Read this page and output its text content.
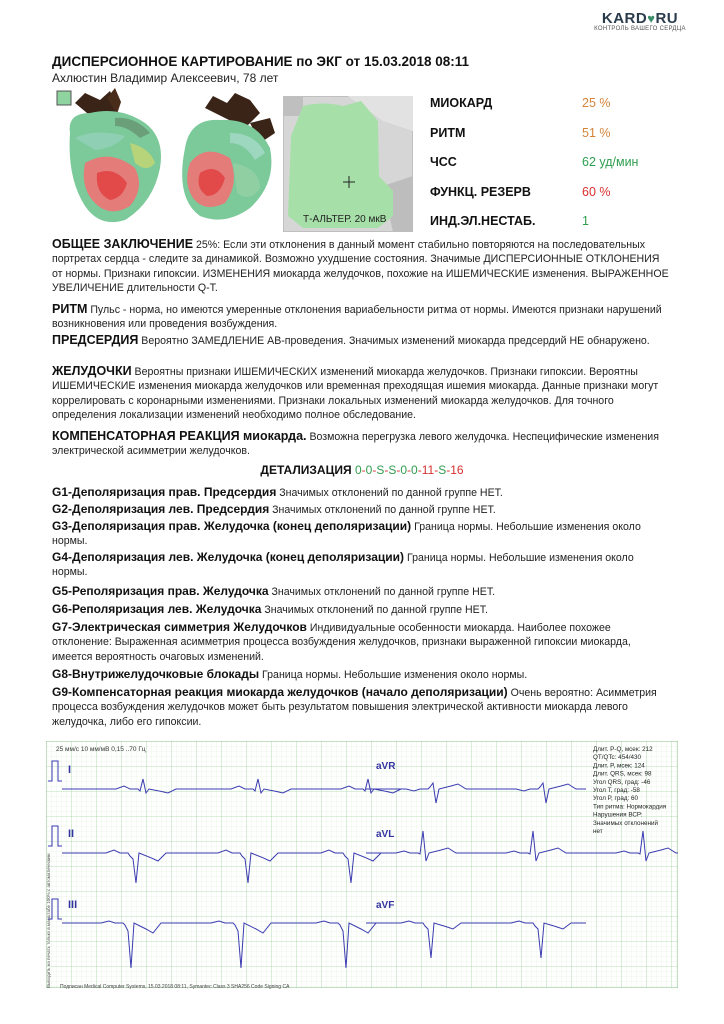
KARD♥RU
КОНТРОЛЬ ВАШЕГО СЕРДЦА
ДИСПЕРСИОННОЕ КАРТИРОВАНИЕ по ЭКГ от 15.03.2018 08:11
Ахлюстин Владимир Алексеевич, 78 лет
Т-АЛЬТЕР. 20 мкВ
МИОКАРД	25 %
РИТМ	51 %
ЧСС	62 уд/мин
ФУНКЦ. РЕЗЕРВ	60 %
ИНД.ЭЛ.НЕСТАБ.	1
ОБЩЕЕ ЗАКЛЮЧЕНИЕ 25%: Если эти отклонения в данный момент стабильно повторяются на последовательных портретах сердца - следите за динамикой. Возможно ухудшение состояния. Значимые ДИСПЕРСИОННЫЕ ОТКЛОНЕНИЯ от нормы. Признаки гипоксии. ИЗМЕНЕНИЯ миокарда желудочков, похожие на ИШЕМИЧЕСКИЕ изменения. ВЫРАЖЕННОЕ УВЕЛИЧЕНИЕ длительности Q-T.
РИТМ Пульс - норма, но имеются умеренные отклонения вариабельности ритма от нормы. Имеются признаки нарушений возникновения или проведения возбуждения.
ПРЕДСЕРДИЯ Вероятно ЗАМЕДЛЕНИЕ АВ-проведения. Значимых изменений миокарда предсердий НЕ обнаружено.
ЖЕЛУДОЧКИ Вероятны признаки ИШЕМИЧЕСКИХ изменений миокарда желудочков. Признаки гипоксии. Вероятны ИШЕМИЧЕСКИЕ изменения миокарда желудочков или временная преходящая ишемия миокарда. Данные признаки могут коррелировать с коронарными изменениями. Признаки локальных изменений миокарда желудочков. Для точного определения локализации изменений необходимо полное обследование.
КОМПЕНСАТОРНАЯ РЕАКЦИЯ миокарда. Возможна перегрузка левого желудочка. Неспецифические изменения электрической асимметрии желудочков.
ДЕТАЛИЗАЦИЯ 0-0-S-S-0-0-11-S-16
G1-Деполяризация прав. Предсердия Значимых отклонений по данной группе НЕТ.
G2-Деполяризация лев. Предсердия Значимых отклонений по данной группе НЕТ.
G3-Деполяризация прав. Желудочка (конец деполяризации) Граница нормы. Небольшие изменения около нормы.
G4-Деполяризация лев. Желудочка (конец деполяризации) Граница нормы. Небольшие изменения около нормы.
G5-Реполяризация прав. Желудочка Значимых отклонений по данной группе НЕТ.
G6-Реполяризация лев. Желудочка Значимых отклонений по данной группе НЕТ.
G7-Электрическая симметрия Желудочков Индивидуальные особенности миокарда. Наиболее похожее отклонение: Выраженная асимметрия процесса возбуждения желудочков, признаки выраженной гипоксии миокарда, имеется вероятность очаговых изменений.
G8-Внутрижелудочковые блокады Граница нормы. Небольшие изменения около нормы.
G9-Компенсаторная реакция миокарда желудочков (начало деполяризации) Очень вероятно: Асимметрия процесса возбуждения желудочков может быть результатом повышения электрической активности миокарда левого желудочка, либо его гипоксии.
25 мм/с 10 мм/мВ 0,15 ..70 Гц
I
II
III
aVR
aVL
aVF
Длит. P-Q, мсек: 212
QT/QTc: 454/430
Длит. P, мсек: 124
Длит. QRS, мсек: 98
Угол QRS, град: -46
Угол T, град: -58
Угол P, град: 60
Тип ритма: Нормокардия
Нарушения ВСР:
Значимых отклонений
нет
Подписан Medical Computer Systems, 15.03.2018 08:11, Symantec Class 3 SHA256 Code Signing CA
Выводить на печать только в масштабе 100% с автоматическим
